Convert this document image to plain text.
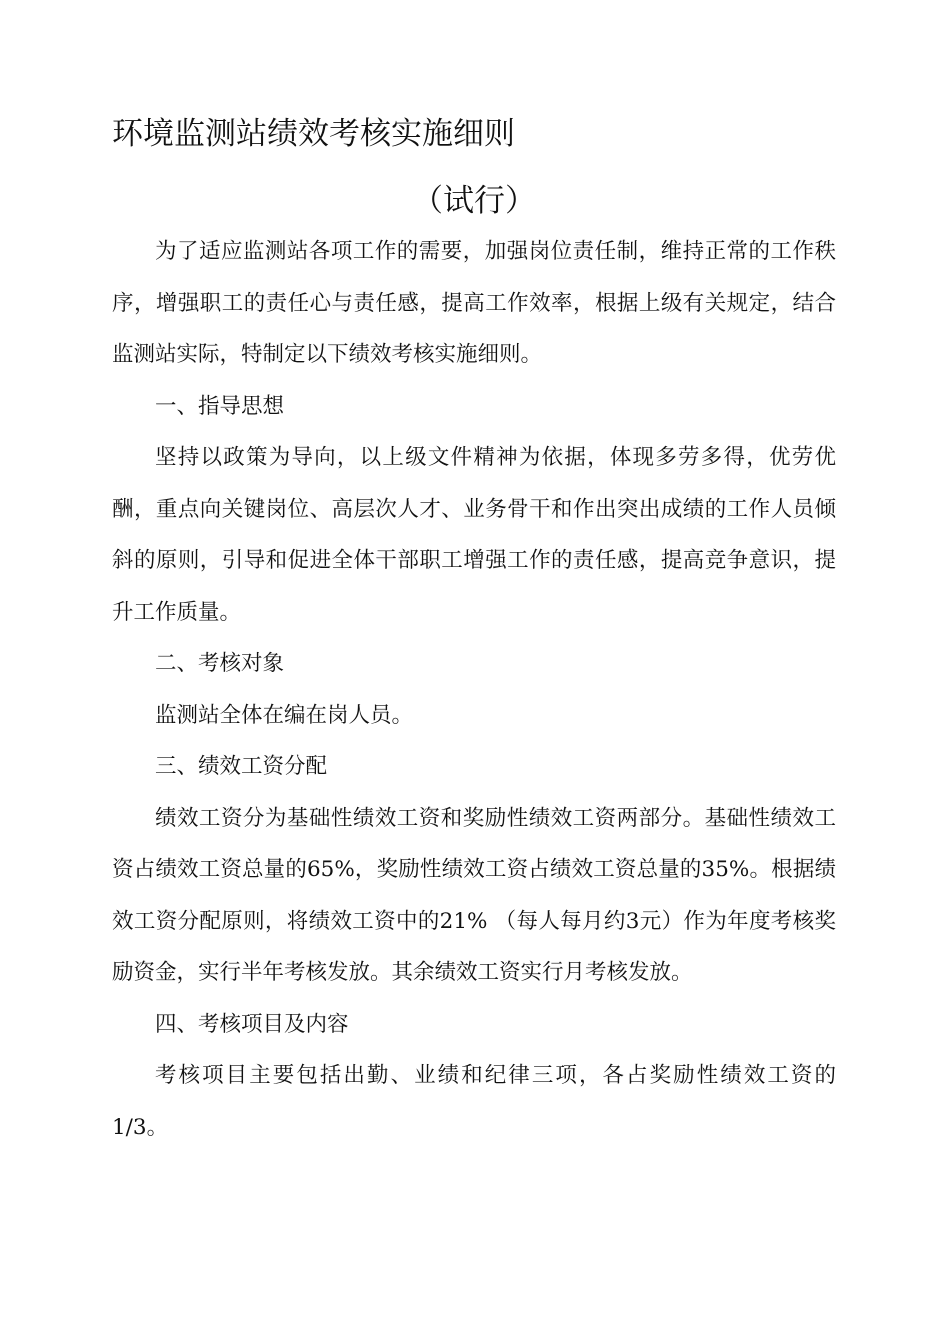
环境监测站绩效考核实施细则
（试行）

为了适应监测站各项工作的需要，加强岗位责任制，维持正常的工作秩序，增强职工的责任心与责任感，提高工作效率，根据上级有关规定，结合监测站实际，特制定以下绩效考核实施细则。

一、指导思想

坚持以政策为导向，以上级文件精神为依据，体现多劳多得，优劳优酬，重点向关键岗位、高层次人才、业务骨干和作出突出成绩的工作人员倾斜的原则，引导和促进全体干部职工增强工作的责任感，提高竞争意识，提升工作质量。

二、考核对象

监测站全体在编在岗人员。

三、绩效工资分配

绩效工资分为基础性绩效工资和奖励性绩效工资两部分。基础性绩效工资占绩效工资总量的65%，奖励性绩效工资占绩效工资总量的35%。根据绩效工资分配原则，将绩效工资中的21% （每人每月约3元）作为年度考核奖励资金，实行半年考核发放。其余绩效工资实行月考核发放。

四、考核项目及内容

考核项目主要包括出勤、业绩和纪律三项，各占奖励性绩效工资的 1/3。
